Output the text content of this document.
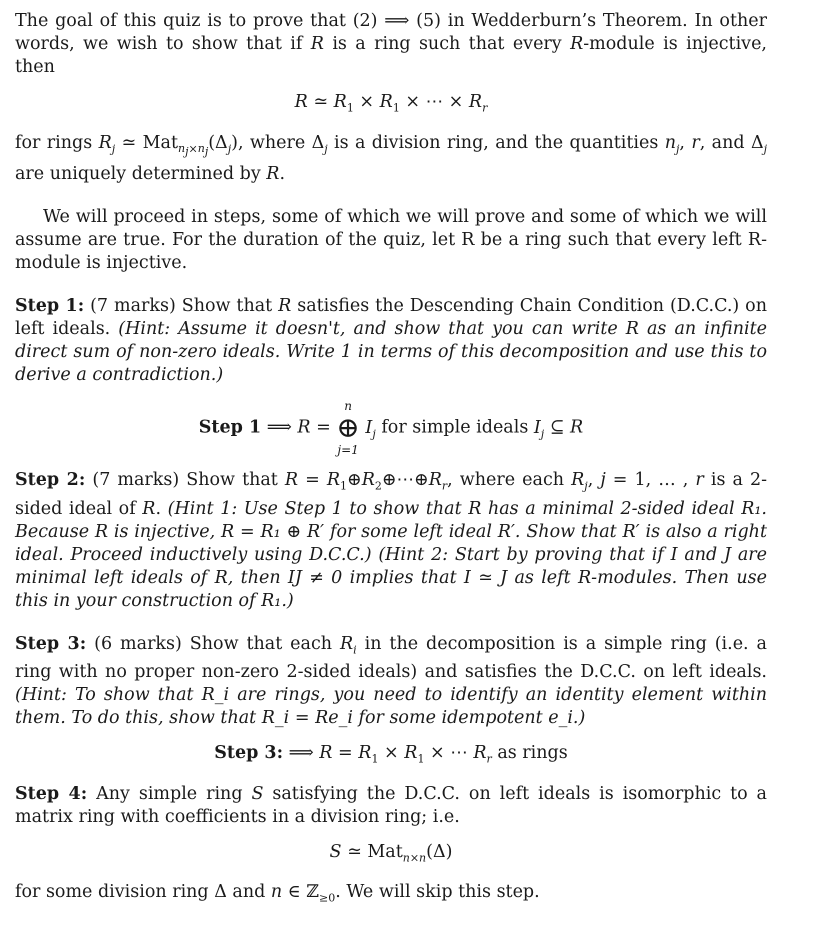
The goal of this quiz is to prove that (2) ⟹ (5) in Wedderburn’s Theorem. In other words, we wish to show that if R is a ring such that every R-module is injective, then

R ≃ $R_1 \times R_1$ × ⋯ × $R_r$

for rings $R_j$ ≃ $Mat_{n_j\times n_j}(\Delta_j)$, where $\Delta_j$ is a division ring, and the quantities $n_j$, r, and $\Delta_j$ are uniquely determined by R.

We will proceed in steps, some of which we will prove and some of which we will assume are true. For the duration of the quiz, let R be a ring such that every left R-module is injective.

Step 1: (7 marks) Show that R satisfies the Descending Chain Condition (D.C.C.) on left ideals. (Hint: Assume it doesn't, and show that you can write R as an infinite direct sum of non-zero ideals. Write 1 in terms of this decomposition and use this to derive a contradiction.)

Step 1 ⟹ R =
n
⊕
j=1
$I_j$ for simple ideals $I_j$ ⊆ R

Step 2: (7 marks) Show that $R = R_1\oplus R_2\oplus\cdots\oplus R_r$, where each $R_j$, j = 1, … , r is a 2-sided ideal of R. (Hint 1: Use Step 1 to show that R has a minimal 2-sided ideal R₁. Because R is injective, R = R₁ ⊕ R′ for some left ideal R′. Show that R′ is also a right ideal. Proceed inductively using D.C.C.) (Hint 2: Start by proving that if I and J are minimal left ideals of R, then IJ ≠ 0 implies that I ≃ J as left R-modules. Then use this in your construction of R₁.)

Step 3: (6 marks) Show that each $R_i$ in the decomposition is a simple ring (i.e. a ring with no proper non-zero 2-sided ideals) and satisfies the D.C.C. on left ideals. (Hint: To show that R_i are rings, you need to identify an identity element within them. To do this, show that R_i = Re_i for some idempotent e_i.)

Step 3: ⟹ $R = R_1 \times R_1$ × ⋯ $R_r$ as rings

Step 4: Any simple ring S satisfying the D.C.C. on left ideals is isomorphic to a matrix ring with coefficients in a division ring; i.e.

S ≃ Mat$_{n\times n}$(Δ)

for some division ring Δ and n ∈ ℤ$_{\ge 0}$. We will skip this step.
